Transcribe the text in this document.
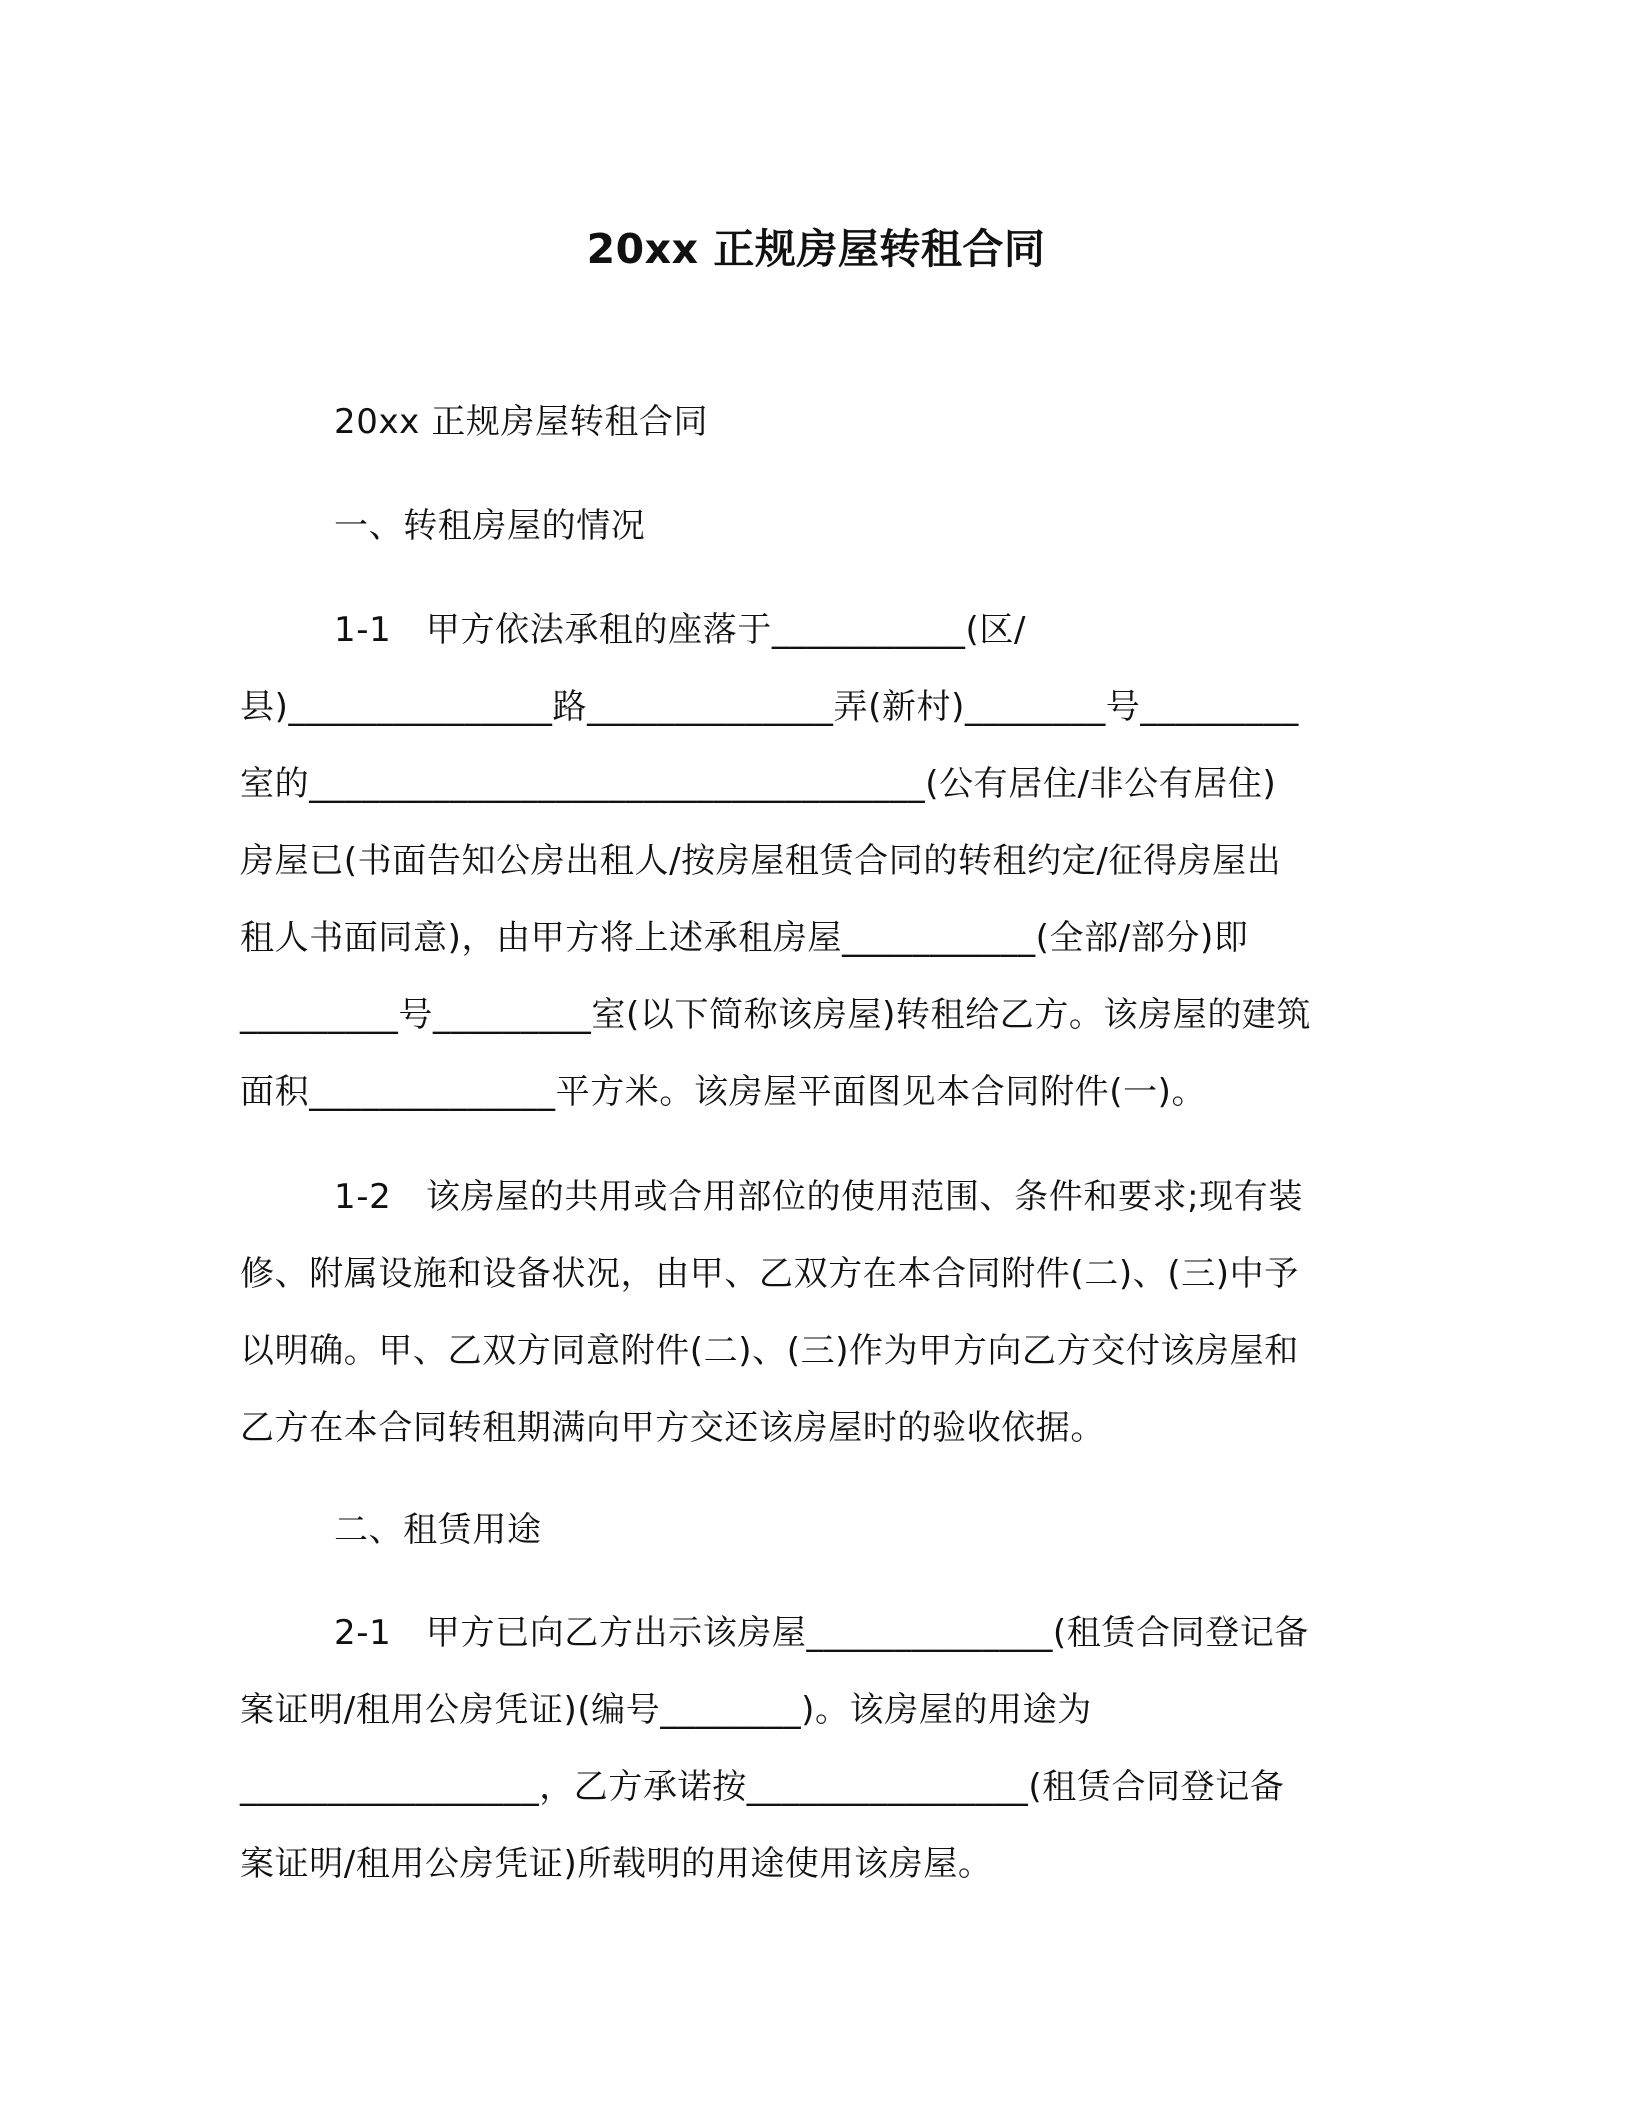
20xx 正规房屋转租合同
20xx 正规房屋转租合同
一、转租房屋的情况
1-1　甲方依法承租的座落于___________(区/
县)_______________路______________弄(新村)________号_________
室的___________________________________(公有居住/非公有居住)
房屋已(书面告知公房出租人/按房屋租赁合同的转租约定/征得房屋出
租人书面同意)，由甲方将上述承租房屋___________(全部/部分)即
_________号_________室(以下简称该房屋)转租给乙方。该房屋的建筑
面积______________平方米。该房屋平面图见本合同附件(一)。
1-2　该房屋的共用或合用部位的使用范围、条件和要求;现有装
修、附属设施和设备状况，由甲、乙双方在本合同附件(二)、(三)中予
以明确。甲、乙双方同意附件(二)、(三)作为甲方向乙方交付该房屋和
乙方在本合同转租期满向甲方交还该房屋时的验收依据。
二、租赁用途
2-1　甲方已向乙方出示该房屋______________(租赁合同登记备
案证明/租用公房凭证)(编号________)。该房屋的用途为
_________________，乙方承诺按________________(租赁合同登记备
案证明/租用公房凭证)所载明的用途使用该房屋。
